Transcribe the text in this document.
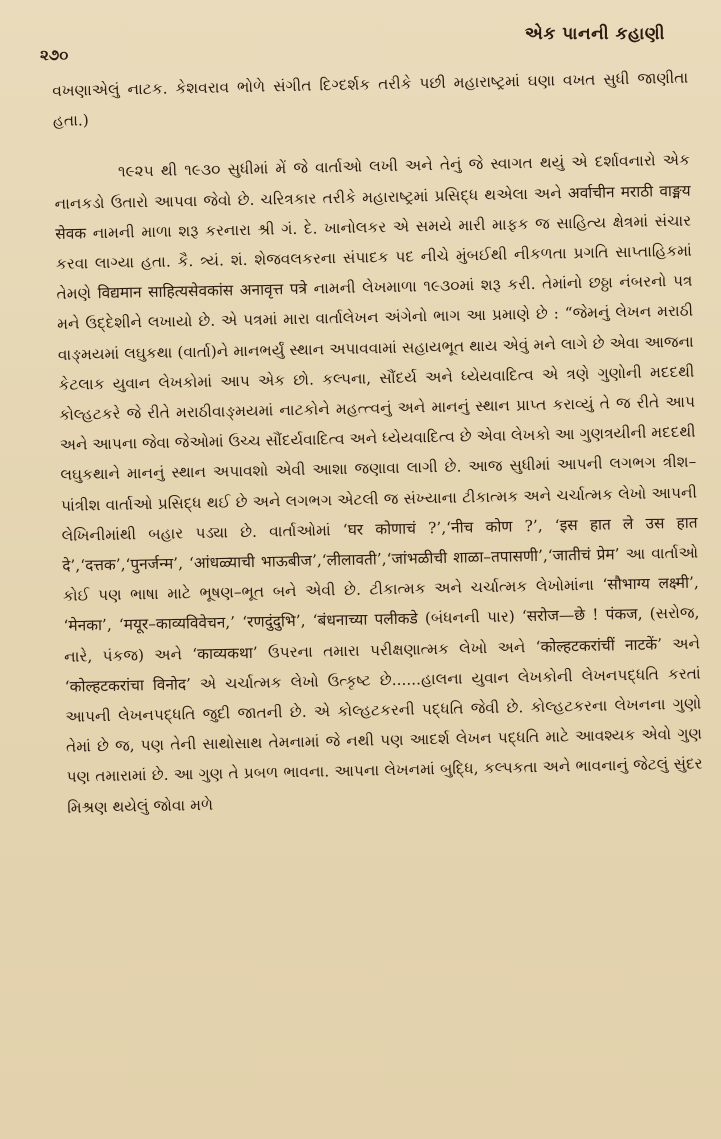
એક પાનની કહાણી
૨૭૦

વખણાએલું નાટક. કેશવરાવ ભોળે સંગીત દિગ્દર્શક તરીકે પછી મહારાષ્ટ્રમાં ઘણા વખત સુધી જાણીતા હતા.)

૧૯૨૫ થી ૧૯૩૦ સુધીમાં મેં જે વાર્તાઓ લખી અને તેનું જે સ્વાગત થયું એ દર્શાવનારો એક નાનકડો ઉતારો આપવા જેવો છે. ચરિત્રકાર તરીકે મહારાષ્ટ્રમાં પ્રસિદ્ધ થએલા અને अर्वाचीन मराठी वाङ्मय सेवक નામની માળા શરૂ કરનારા શ્રી ગં. દે. ખાનોલકર એ સમયે મારી માફક જ સાહિત્ય ક્ષેત્રમાં સંચાર કરવા લાગ્યા હતા. કૈ. ત્ર્યં. શં. શેજવલકરના સંપાદક પદ નીચે મુંબઈથી નીકળતા પ્રગતિ સાપ્તાહિકમાં તેમણે विद्यमान साहित्यसेवकांस अनावृत्त पत्रे નામની લેખમાળા ૧૯૩૦માં શરૂ કરી. તેમાંનો છઠ્ઠા નંબરનો પત્ર મને ઉદ્દેશીને લખાયો છે. એ પત્રમાં મારા વાર્તાલેખન અંગેનો ભાગ આ પ્રમાણે છે : “જેમનું લેખન મરાઠી વાઙ્મયમાં લઘુકથા (વાર્તા)ને માનભર્યું સ્થાન અપાવવામાં સહાયભૂત થાય એવું મને લાગે છે એવા આજના કેટલાક યુવાન લેખકોમાં આપ એક છો. કલ્પના, સૌંદર્ય અને ધ્યેયવાદિત્વ એ ત્રણે ગુણોની મદદથી કોલ્હટકરે જે રીતે મરાઠીવાઙ્મયમાં નાટકોને મહત્ત્વનું અને માનનું સ્થાન પ્રાપ્ત કરાવ્યું તે જ રીતે આપ અને આપના જેવા જેઓમાં ઉચ્ચ સૌંદર્યવાદિત્વ અને ધ્યેયવાદિત્વ છે એવા લેખકો આ ગુણત્રયીની મદદથી લઘુકથાને માનનું સ્થાન અપાવશો એવી આશા જણાવા લાગી છે. આજ સુધીમાં આપની લગભગ ત્રીશ–પાંત્રીશ વાર્તાઓ પ્રસિદ્ધ થઈ છે અને લગભગ એટલી જ સંખ્યાના ટીકાત્મક અને ચર્ચાત્મક લેખો આપની લેખિનીમાંથી બહાર પડ્યા છે. વાર્તાઓમાં ‘घर कोणाचं ?’,‘नीच कोण ?’, ‘इस हात ले उस हात दे’,‘दत्तक’,‘पुनर्जन्म’, ‘आंधळ्याची भाऊबीज’,‘लीलावती’,‘जांभळीची शाळा–तपासणी’,‘जातीचं प्रेम’ આ વાર્તાઓ કોઈ પણ ભાષા માટે ભૂષણ–ભૂત બને એવી છે. ટીકાત્મક અને ચર્ચાત્મક લેખોમાંના ‘सौभाग्य लक्ष्मी’, ‘मेनका’, ‘मयूर–काव्यविवेचन,’ ‘रणदुंदुभि’, ‘बंधनाच्या पलीकडे (બંધનની પાર) ‘सरोज—छे ! पंकज, (સરોજ, નારે, પંકજ) અને ‘काव्यकथा’ ઉપરના તમારા પરીક્ષણાત્મક લેખો અને ‘कोल्हटकरांचीं नाटकें’ અને ‘कोल्हटकरांचा विनोद’ એ ચર્ચાત્મક લેખો ઉત્કૃષ્ટ છે......હાલના યુવાન લેખકોની લેખનપદ્ધતિ કરતાં આપની લેખનપદ્ધતિ જુદી જાતની છે. એ કોલ્હટકરની પદ્ધતિ જેવી છે. કોલ્હટકરના લેખનના ગુણો તેમાં છે જ, પણ તેની સાથોસાથ તેમનામાં જે નથી પણ આદર્શ લેખન પદ્ધતિ માટે આવશ્યક એવો ગુણ પણ તમારામાં છે. આ ગુણ તે પ્રબળ ભાવના. આપના લેખનમાં બુદ્ધિ, કલ્પકતા અને ભાવનાનું જેટલું સુંદર મિશ્રણ થયેલું જોવા મળે
